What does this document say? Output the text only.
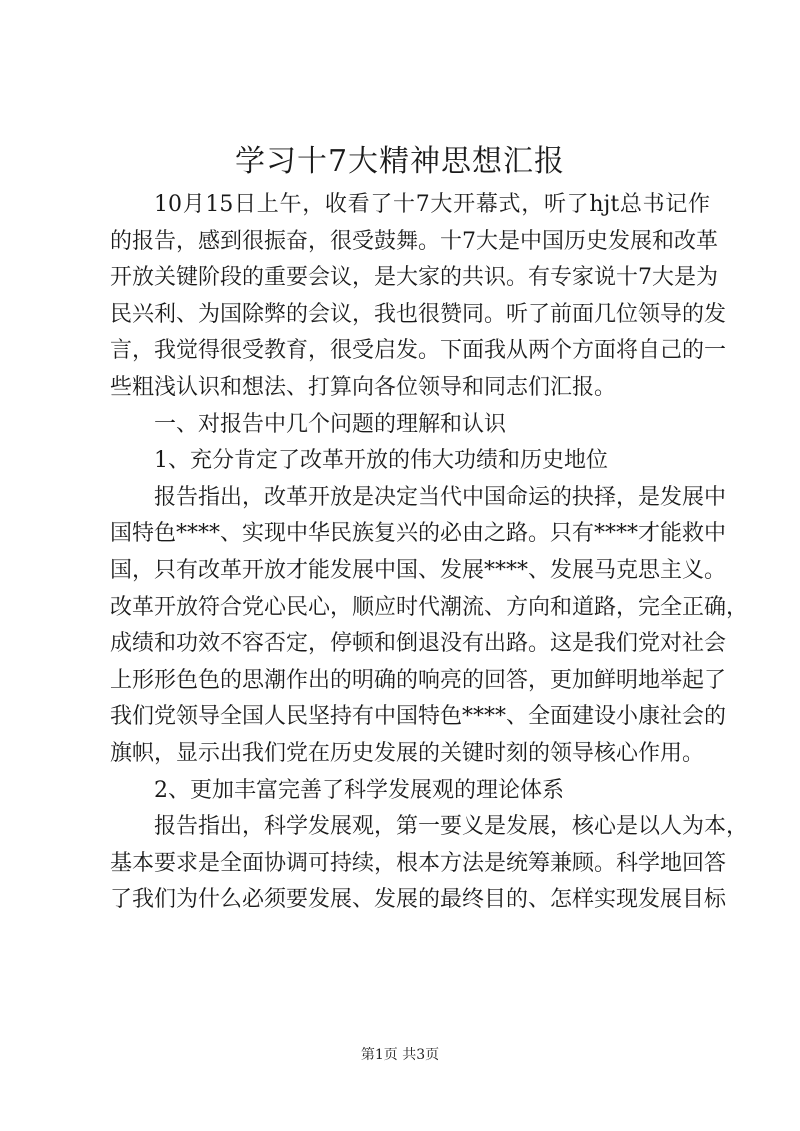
学习十7大精神思想汇报
10月15日上午，收看了十7大开幕式，听了hjt总书记作
的报告，感到很振奋，很受鼓舞。十7大是中国历史发展和改革
开放关键阶段的重要会议，是大家的共识。有专家说十7大是为
民兴利、为国除弊的会议，我也很赞同。听了前面几位领导的发
言，我觉得很受教育，很受启发。下面我从两个方面将自己的一
些粗浅认识和想法、打算向各位领导和同志们汇报。
一、对报告中几个问题的理解和认识
1、充分肯定了改革开放的伟大功绩和历史地位
报告指出，改革开放是决定当代中国命运的抉择，是发展中
国特色****、实现中华民族复兴的必由之路。只有****才能救中
国，只有改革开放才能发展中国、发展****、发展马克思主义。
改革开放符合党心民心，顺应时代潮流、方向和道路，完全正确，
成绩和功效不容否定，停顿和倒退没有出路。这是我们党对社会
上形形色色的思潮作出的明确的响亮的回答，更加鲜明地举起了
我们党领导全国人民坚持有中国特色****、全面建设小康社会的
旗帜，显示出我们党在历史发展的关键时刻的领导核心作用。
2、更加丰富完善了科学发展观的理论体系
报告指出，科学发展观，第一要义是发展，核心是以人为本，
基本要求是全面协调可持续，根本方法是统筹兼顾。科学地回答
了我们为什么必须要发展、发展的最终目的、怎样实现发展目标
第1页 共3页
